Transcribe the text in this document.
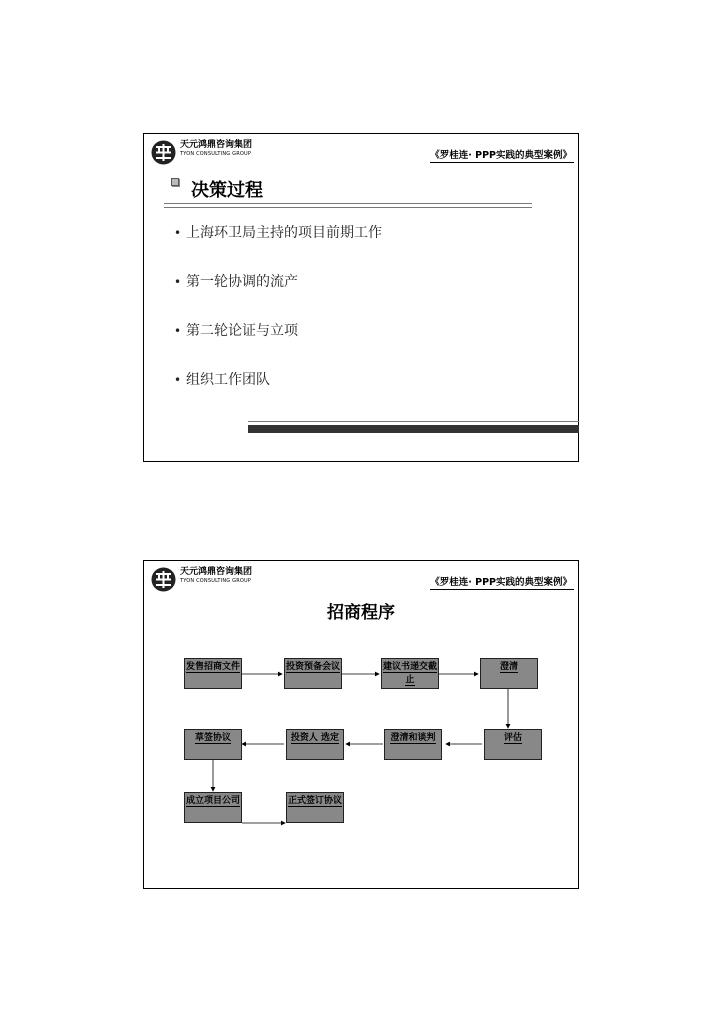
天元鸿鼎咨询集团
TYON CONSULTING GROUP	《罗桂连· PPP实践的典型案例》
决策过程
• 上海环卫局主持的项目前期工作
• 第一轮协调的流产
• 第二轮论证与立项
• 组织工作团队
天元鸿鼎咨询集团
TYON CONSULTING GROUP	《罗桂连· PPP实践的典型案例》
招商程序
发售招商文件	投资预备会议	建议书递交截止
澄清
评估
澄清和谈判
投资人 选定
草签协议
成立项目公司	正式签订协议
